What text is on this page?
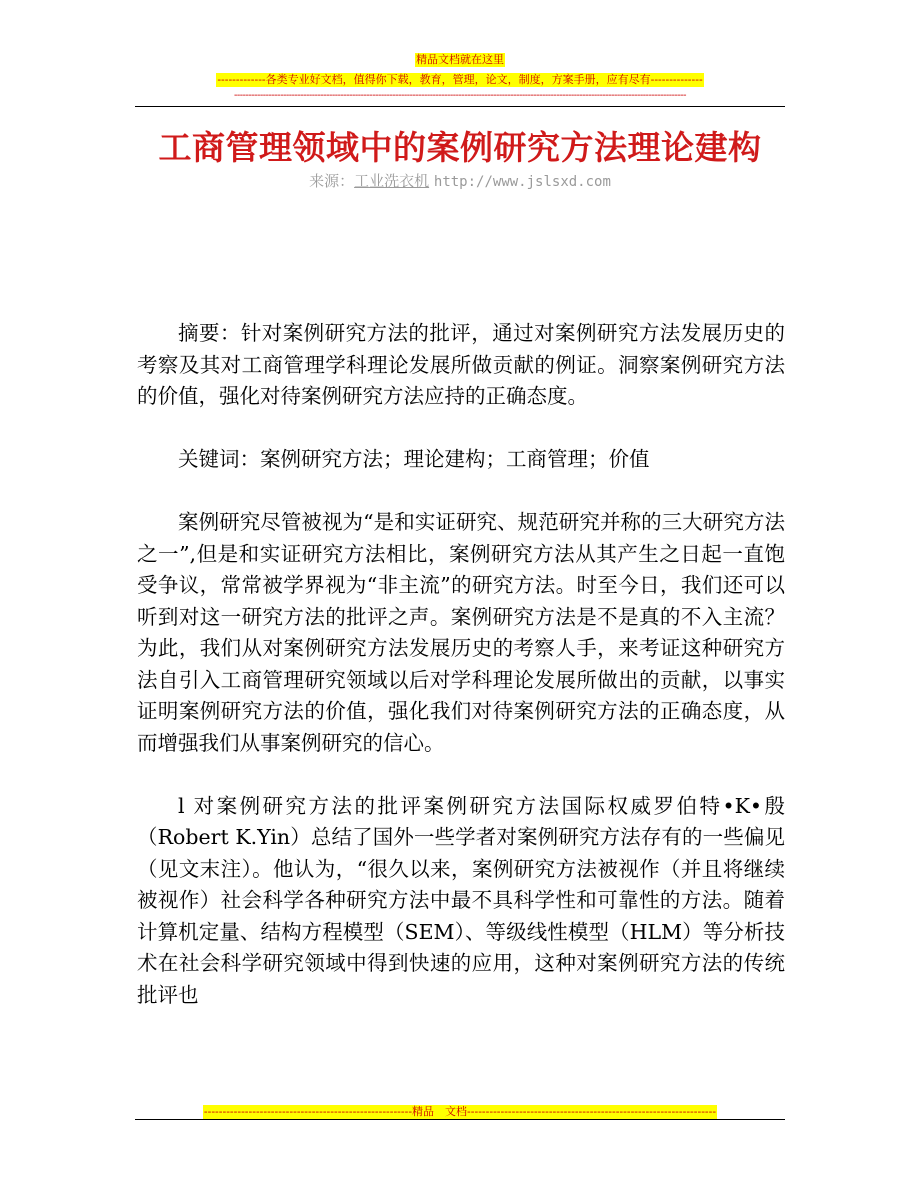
精品文档就在这里
-------------各类专业好文档，值得你下载，教育，管理，论文，制度，方案手册，应有尽有--------------
-------------------------------------------------------------------------------------------------------------------------------------------------------------
工商管理领域中的案例研究方法理论建构
来源：工业洗衣机 http://www.jslsxd.com

摘要：针对案例研究方法的批评，通过对案例研究方法发展历史的考察及其对工商管理学科理论发展所做贡献的例证。洞察案例研究方法的价值，强化对待案例研究方法应持的正确态度。

关键词：案例研究方法；理论建构；工商管理；价值

案例研究尽管被视为“是和实证研究、规范研究并称的三大研究方法之一”,但是和实证研究方法相比，案例研究方法从其产生之日起一直饱受争议，常常被学界视为“非主流”的研究方法。时至今日，我们还可以听到对这一研究方法的批评之声。案例研究方法是不是真的不入主流？为此，我们从对案例研究方法发展历史的考察人手，来考证这种研究方法自引入工商管理研究领域以后对学科理论发展所做出的贡献，以事实证明案例研究方法的价值，强化我们对待案例研究方法的正确态度，从而增强我们从事案例研究的信心。

l 对案例研究方法的批评案例研究方法国际权威罗伯特•K•殷（Robert K.Yin）总结了国外一些学者对案例研究方法存有的一些偏见（见文末注）。他认为，“很久以来，案例研究方法被视作（并且将继续被视作）社会科学各种研究方法中最不具科学性和可靠性的方法。随着计算机定量、结构方程模型（SEM）、等级线性模型（HLM）等分析技术在社会科学研究领域中得到快速的应用，这种对案例研究方法的传统批评也

--------------------------------------------------------精品　文档-------------------------------------------------------------------
